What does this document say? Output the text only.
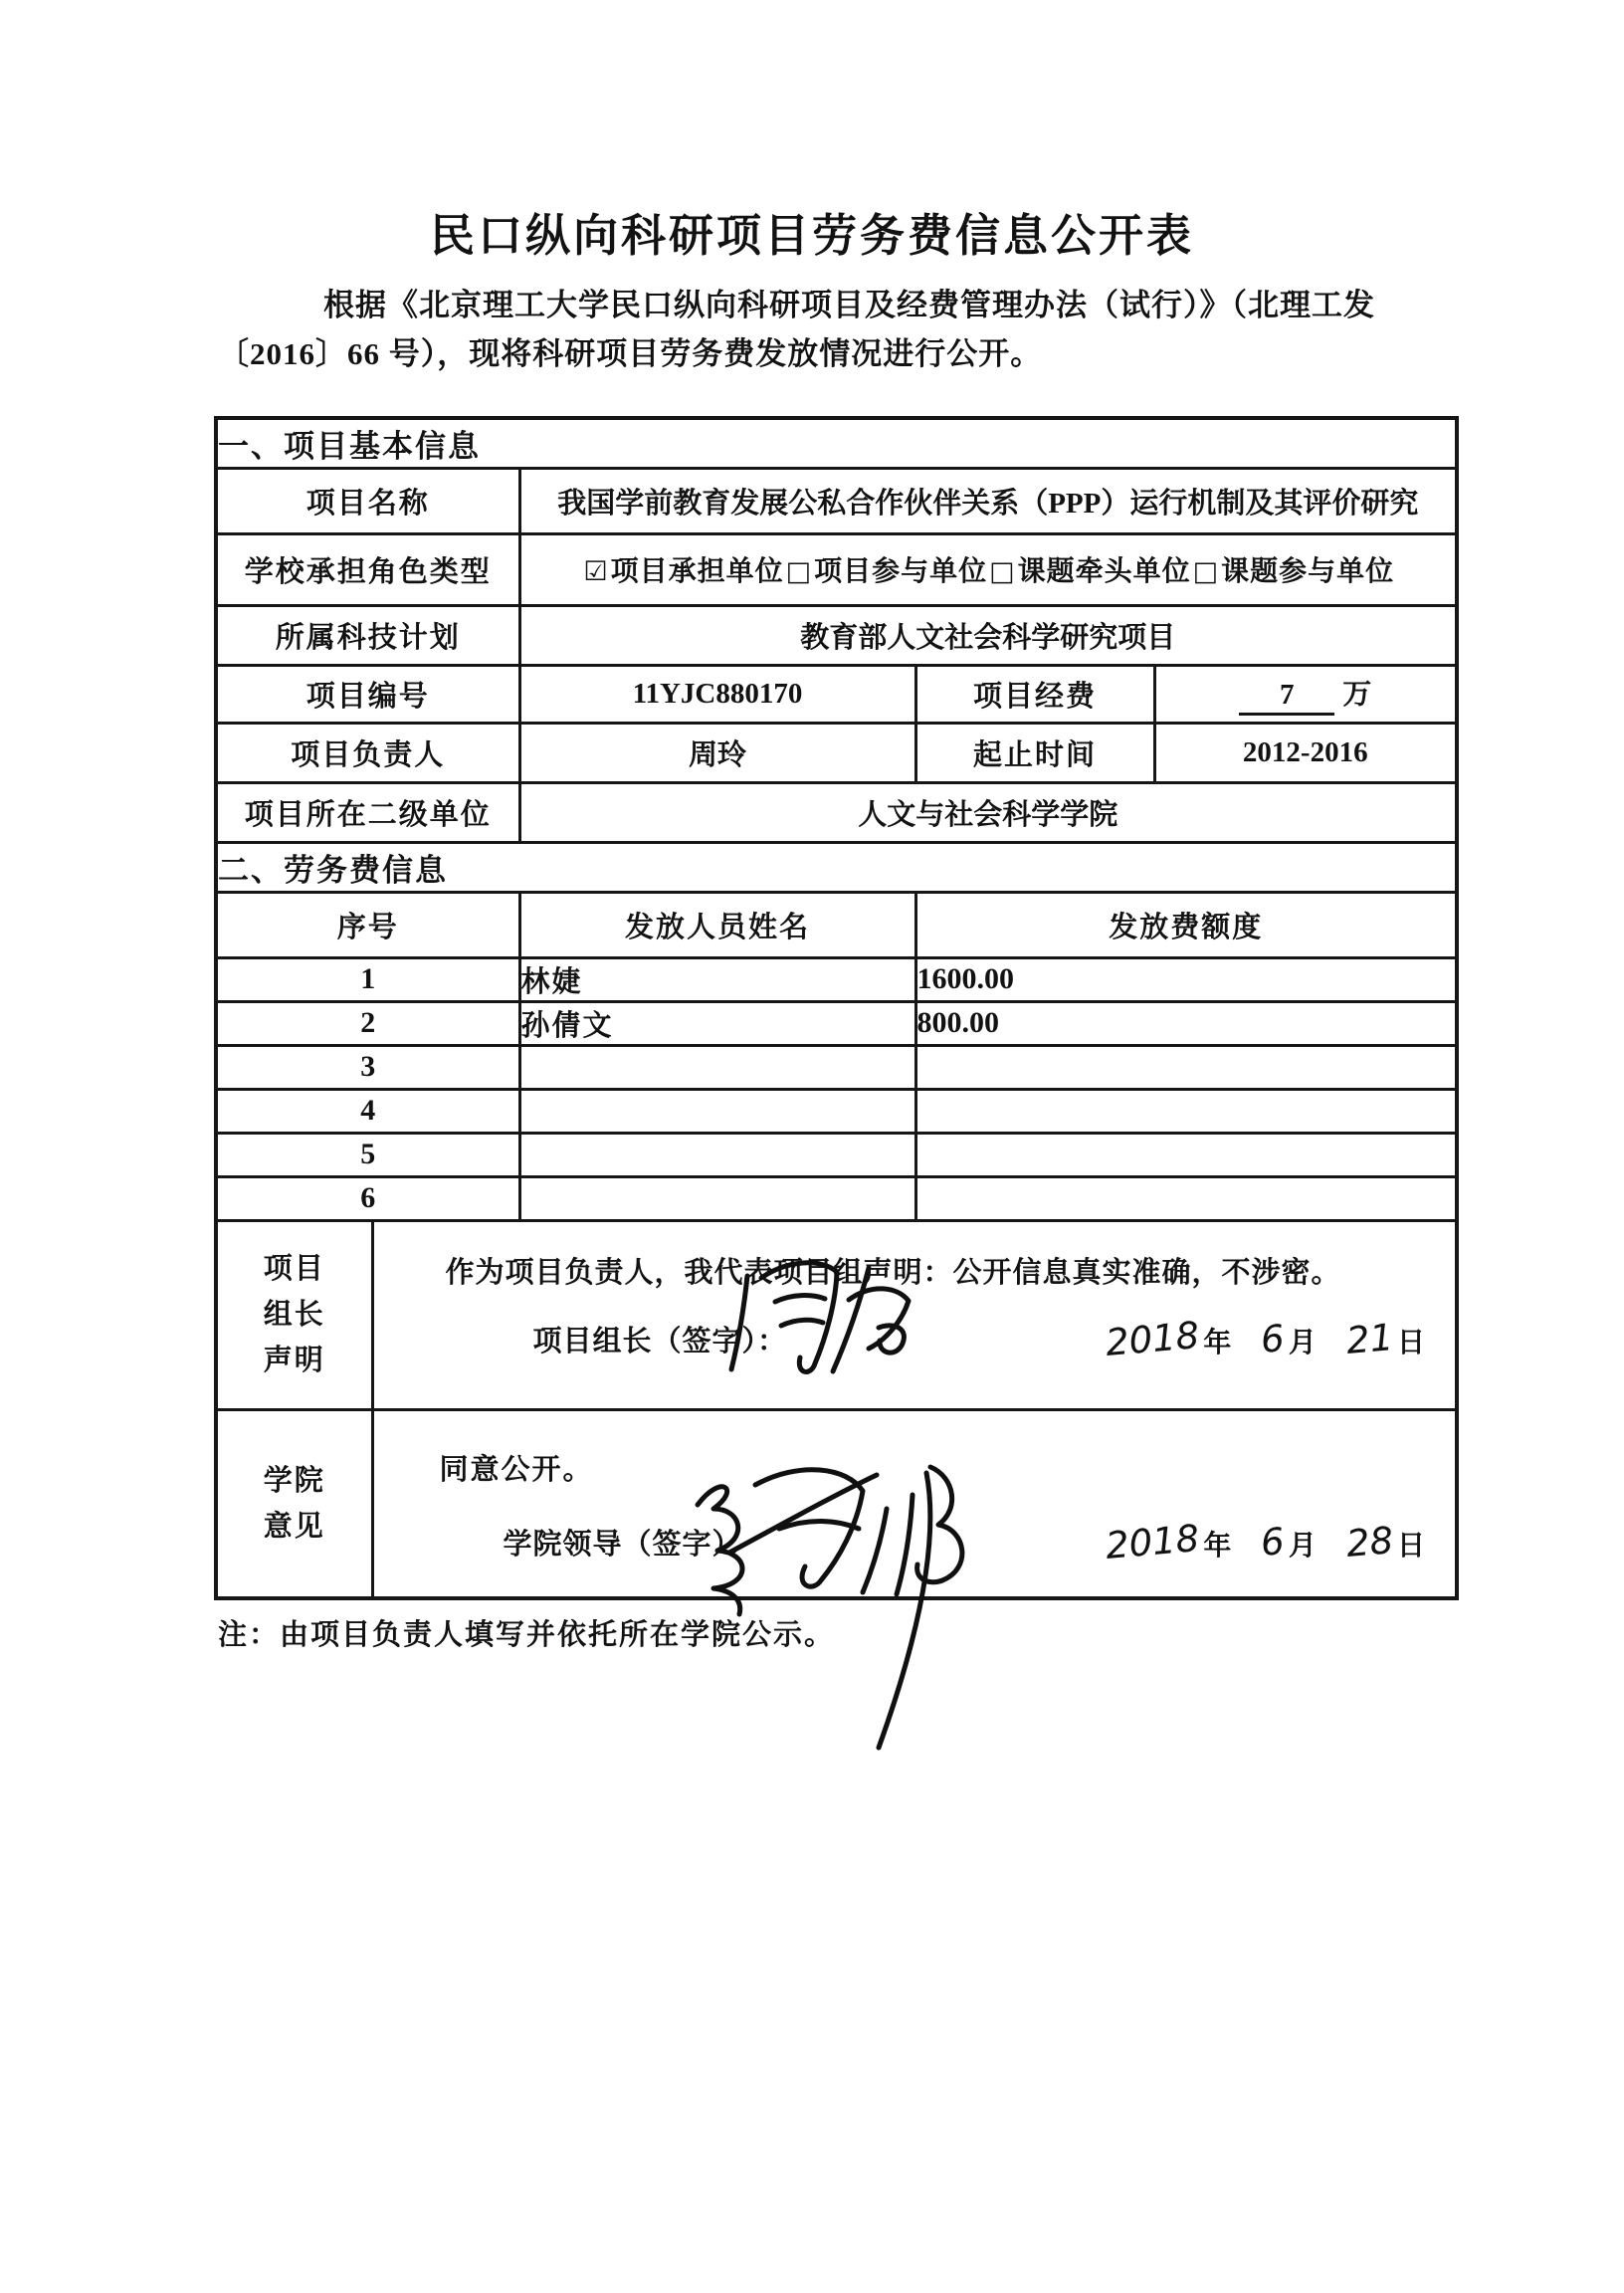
民口纵向科研项目劳务费信息公开表
根据《北京理工大学民口纵向科研项目及经费管理办法（试行）》（北理工发
〔2016〕66 号），现将科研项目劳务费发放情况进行公开。
一、项目基本信息				
项目名称		我国学前教育发展公私合作伙伴关系（PPP）运行机制及其评价研究		
学校承担角色类型		☑项目承担单位□项目参与单位□课题牵头单位□课题参与单位		
所属科技计划		教育部人文社会科学研究项目		
项目编号		11YJC880170	项目经费	7 万
项目负责人		周玲	起止时间	2012-2016
项目所在二级单位		人文与社会科学学院		
二、劳务费信息				
序号		发放人员姓名	发放费额度	
1		林婕	1600.00	
2		孙倩文	800.00	
3				
4				
5				
6				

项目
组长
声明

作为项目负责人，我代表项目组声明：公开信息真实准确，不涉密。
项目组长（签字）：	2018 年 6 月 21 日

学院
意见

同意公开。
学院领导（签字）：	2018 年 6 月 28 日
注：由项目负责人填写并依托所在学院公示。
